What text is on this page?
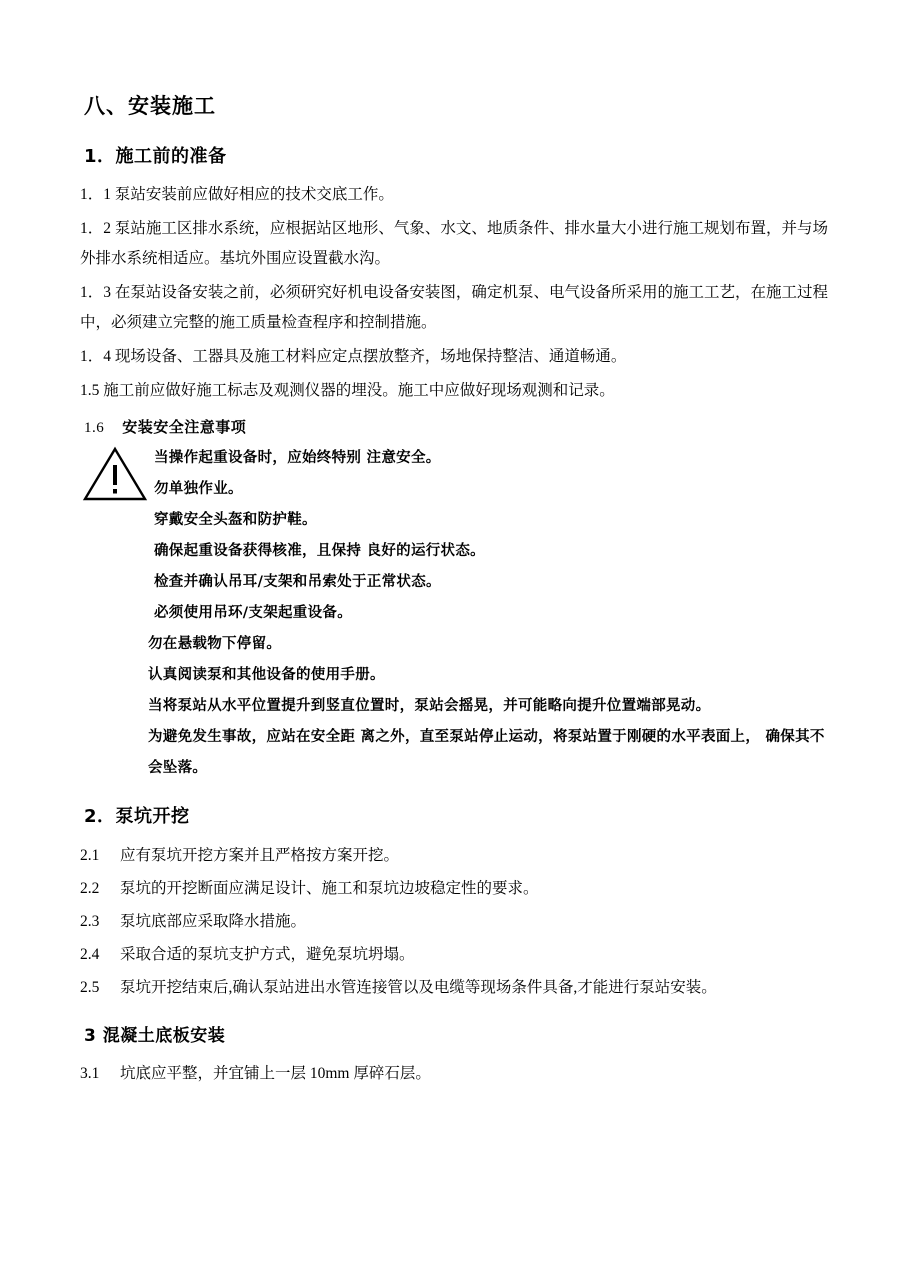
八、安装施工
1．施工前的准备
1．1 泵站安装前应做好相应的技术交底工作。
1．2 泵站施工区排水系统，应根据站区地形、气象、水文、地质条件、排水量大小进行施工规划布置，并与场外排水系统相适应。基坑外围应设置截水沟。
1．3 在泵站设备安装之前，必须研究好机电设备安装图，确定机泵、电气设备所采用的施工工艺，在施工过程中，必须建立完整的施工质量检查程序和控制措施。
1．4 现场设备、工器具及施工材料应定点摆放整齐，场地保持整洁、通道畅通。
1.5 施工前应做好施工标志及观测仪器的埋没。施工中应做好现场观测和记录。
1.6 安装安全注意事项
当操作起重设备时，应始终特别 注意安全。
勿单独作业。
穿戴安全头盔和防护鞋。
确保起重设备获得核准，且保持 良好的运行状态。
检查并确认吊耳/支架和吊索处于正常状态。
必须使用吊环/支架起重设备。
勿在悬载物下停留。
认真阅读泵和其他设备的使用手册。
当将泵站从水平位置提升到竖直位置时，泵站会摇晃，并可能略向提升位置端部晃动。
为避免发生事故，应站在安全距 离之外，直至泵站停止运动，将泵站置于刚硬的水平表面上， 确保其不会坠落。
2．泵坑开挖
2.1 应有泵坑开挖方案并且严格按方案开挖。
2.2 泵坑的开挖断面应满足设计、施工和泵坑边坡稳定性的要求。
2.3 泵坑底部应采取降水措施。
2.4 采取合适的泵坑支护方式，避免泵坑坍塌。
2.5 泵坑开挖结束后,确认泵站进出水管连接管以及电缆等现场条件具备,才能进行泵站安装。
3 混凝土底板安装
3.1 坑底应平整，并宜铺上一层 10mm 厚碎石层。
